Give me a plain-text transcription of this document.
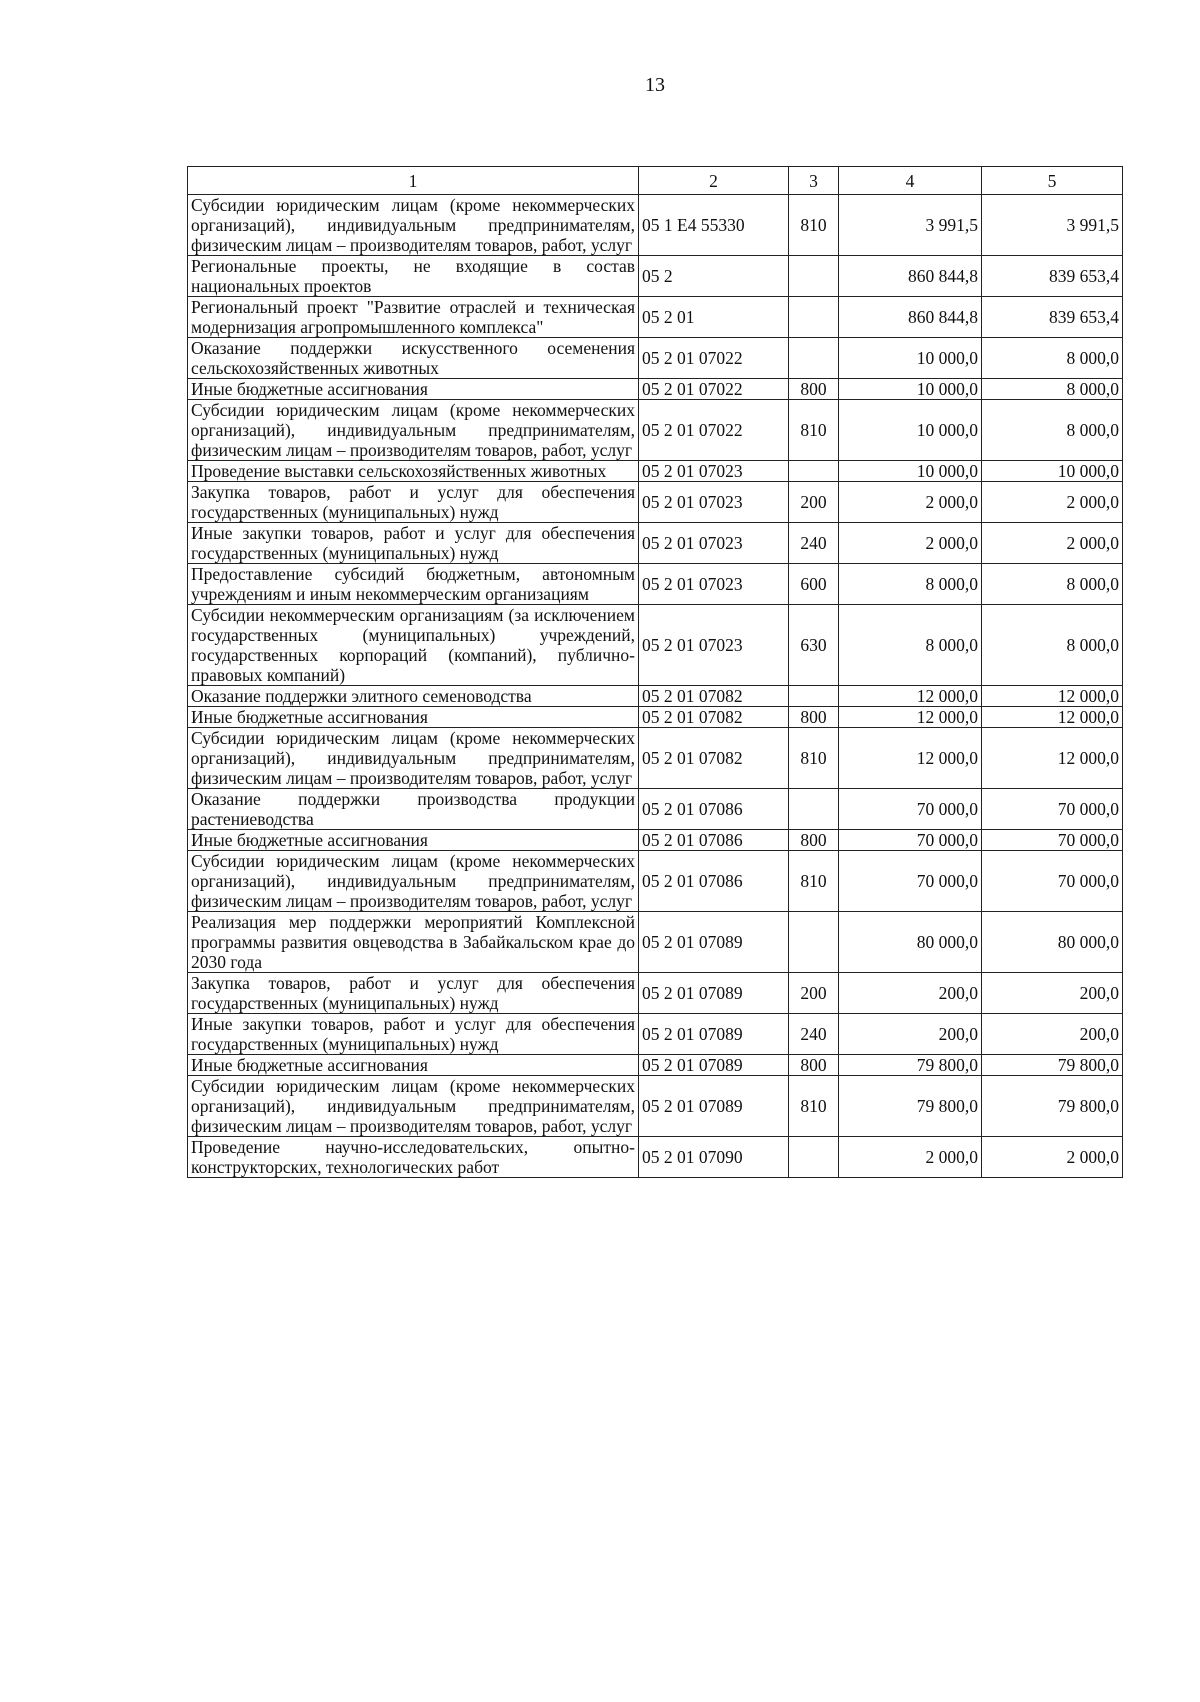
13
1	2	3	4	5
Субсидии юридическим лицам (кроме некоммерческих организаций), индивидуальным предпринимателям, физическим лицам – производителям товаров, работ, услуг	05 1 E4 55330	810	3 991,5	3 991,5
Региональные проекты, не входящие в состав национальных проектов	05 2		860 844,8	839 653,4
Региональный проект "Развитие отраслей и техническая модернизация агропромышленного комплекса"	05 2 01		860 844,8	839 653,4
Оказание поддержки искусственного осеменения сельскохозяйственных животных	05 2 01 07022		10 000,0	8 000,0
Иные бюджетные ассигнования	05 2 01 07022	800	10 000,0	8 000,0
Субсидии юридическим лицам (кроме некоммерческих организаций), индивидуальным предпринимателям, физическим лицам – производителям товаров, работ, услуг	05 2 01 07022	810	10 000,0	8 000,0
Проведение выставки сельскохозяйственных животных	05 2 01 07023		10 000,0	10 000,0
Закупка товаров, работ и услуг для обеспечения государственных (муниципальных) нужд	05 2 01 07023	200	2 000,0	2 000,0
Иные закупки товаров, работ и услуг для обеспечения государственных (муниципальных) нужд	05 2 01 07023	240	2 000,0	2 000,0
Предоставление субсидий бюджетным, автономным учреждениям и иным некоммерческим организациям	05 2 01 07023	600	8 000,0	8 000,0
Субсидии некоммерческим организациям (за исключением государственных (муниципальных) учреждений, государственных корпораций (компаний), публично-правовых компаний)	05 2 01 07023	630	8 000,0	8 000,0
Оказание поддержки элитного семеноводства	05 2 01 07082		12 000,0	12 000,0
Иные бюджетные ассигнования	05 2 01 07082	800	12 000,0	12 000,0
Субсидии юридическим лицам (кроме некоммерческих организаций), индивидуальным предпринимателям, физическим лицам – производителям товаров, работ, услуг	05 2 01 07082	810	12 000,0	12 000,0
Оказание поддержки производства продукции растениеводства	05 2 01 07086		70 000,0	70 000,0
Иные бюджетные ассигнования	05 2 01 07086	800	70 000,0	70 000,0
Субсидии юридическим лицам (кроме некоммерческих организаций), индивидуальным предпринимателям, физическим лицам – производителям товаров, работ, услуг	05 2 01 07086	810	70 000,0	70 000,0
Реализация мер поддержки мероприятий Комплексной программы развития овцеводства в Забайкальском крае до 2030 года	05 2 01 07089		80 000,0	80 000,0
Закупка товаров, работ и услуг для обеспечения государственных (муниципальных) нужд	05 2 01 07089	200	200,0	200,0
Иные закупки товаров, работ и услуг для обеспечения государственных (муниципальных) нужд	05 2 01 07089	240	200,0	200,0
Иные бюджетные ассигнования	05 2 01 07089	800	79 800,0	79 800,0
Субсидии юридическим лицам (кроме некоммерческих организаций), индивидуальным предпринимателям, физическим лицам – производителям товаров, работ, услуг	05 2 01 07089	810	79 800,0	79 800,0
Проведение научно-исследовательских, опытно-конструкторских, технологических работ	05 2 01 07090		2 000,0	2 000,0
